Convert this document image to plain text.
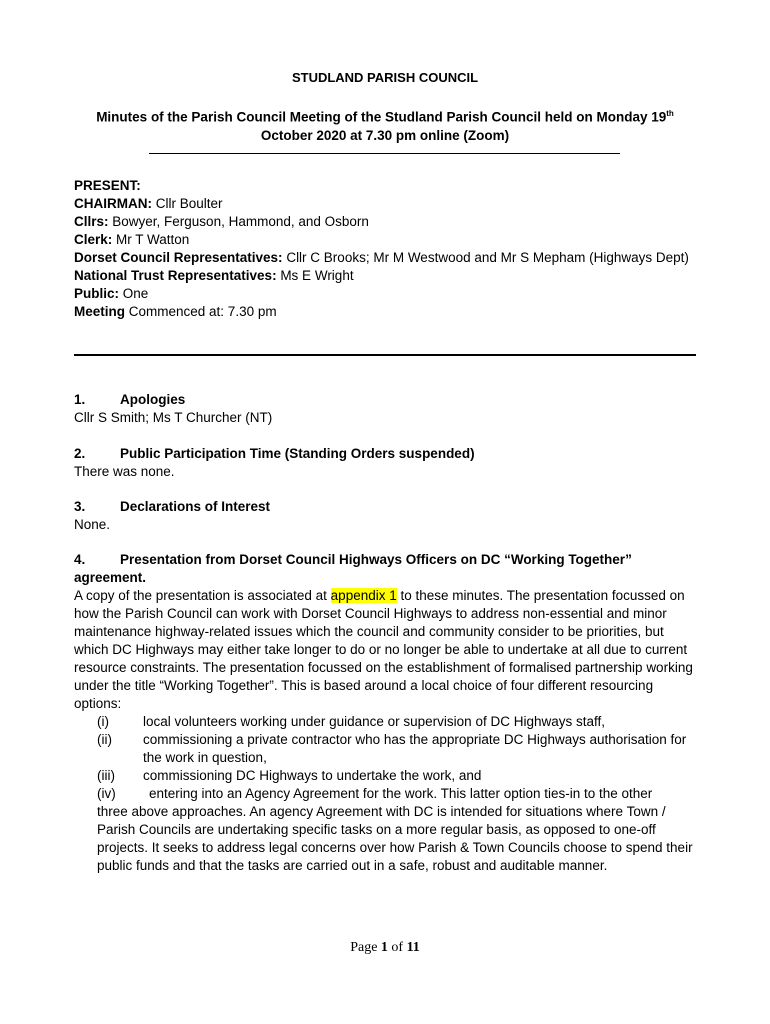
STUDLAND PARISH COUNCIL
Minutes of the Parish Council Meeting of the Studland Parish Council held on Monday 19th
October 2020 at 7.30 pm online (Zoom)
PRESENT:
CHAIRMAN: Cllr Boulter
Cllrs: Bowyer, Ferguson, Hammond, and Osborn
Clerk: Mr T Watton
Dorset Council Representatives: Cllr C Brooks; Mr M Westwood and Mr S Mepham (Highways Dept)
National Trust Representatives: Ms E Wright
Public: One
Meeting Commenced at: 7.30 pm
1.	Apologies
Cllr S Smith; Ms T Churcher (NT)
2.	Public Participation Time (Standing Orders suspended)
There was none.
3.	Declarations of Interest
None.
4.	Presentation from Dorset Council Highways Officers on DC “Working Together”
agreement.
A copy of the presentation is associated at appendix 1 to these minutes. The presentation focussed on how the Parish Council can work with Dorset Council Highways to address non-essential and minor maintenance highway-related issues which the council and community consider to be priorities, but which DC Highways may either take longer to do or no longer be able to undertake at all due to current resource constraints. The presentation focussed on the establishment of formalised partnership working under the title “Working Together”. This is based around a local choice of four different resourcing options:
(i)	local volunteers working under guidance or supervision of DC Highways staff,
(ii) commissioning a private contractor who has the appropriate DC Highways authorisation for the work in question,
(iii) commissioning DC Highways to undertake the work, and
(iv) entering into an Agency Agreement for the work. This latter option ties-in to the other
three above approaches. An agency Agreement with DC is intended for situations where Town / Parish Councils are undertaking specific tasks on a more regular basis, as opposed to one-off projects. It seeks to address legal concerns over how Parish & Town Councils choose to spend their public funds and that the tasks are carried out in a safe, robust and auditable manner.
Page 1 of 11
